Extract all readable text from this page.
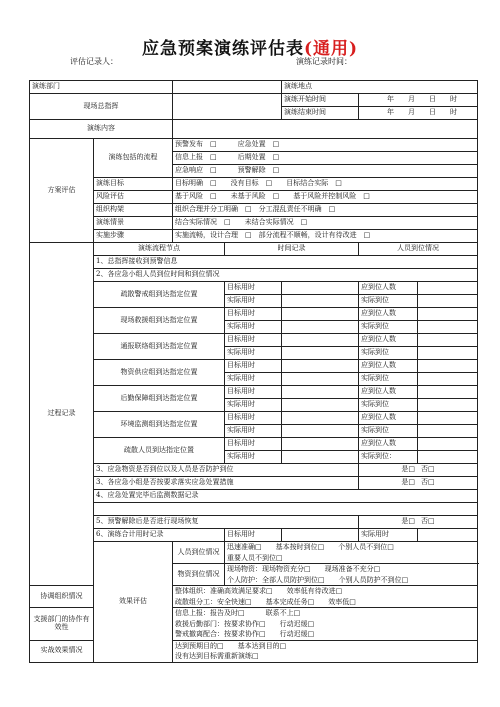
应急预案演练评估表(通用)
评估记录人：	演练记录时间：
演练部门				演练地点		
现场总指挥				演练开始时间	年 月 日 时	
				演练结束时间	年 月 日 时	
演练内容						
方案评估	演练包括的流程	预警发布　□　　　应急处置　□				
		信息上报　□　　　后期处置　□				
		应急响应　□　　　预警解除　□				
	演练目标	目标明确　□　　没有目标　□　　目标结合实际　□				
	风险评估	基于风险　□　　未基于风险　□　　基于风险并控制风险　□				
	组织构架	组织合理并分工明确　□　分工混乱责任不明确　□				
	演练情景	结合实际情况　□　　未结合实际情况　□				
	实施步骤	实施流畅，设计合理　□　部分流程不顺畅，设计有待改进　□				
过程记录	演练流程节点		时间记录		人员到位情况	
	1、总指挥接收到预警信息					
	2、各应急小组人员到位时间和到位情况					
	疏散警戒组到达指定位置		目标用时		应到位人数	
			实际用时		实际到位	
	现场救援组到达指定位置		目标用时		应到位人数	
			实际用时		实际到位	
	通报联络组到达指定位置		目标用时		应到位人数	
			实际用时		实际到位	
	物资供应组到达指定位置		目标用时		应到位人数	
			实际用时		实际到位	
	后勤保障组到达指定位置		目标用时		应到位人数	
			实际用时		实际到位	
	环境监测组到达指定位置		目标用时		应到位人数	
			实际用时		实际到位	
	疏散人员到达指定位置		目标用时		应到位人数	
			实际用时		实际到位：	
	3、应急物资是否到位以及人员是否防护到位				是□ 否□	
	3、各应急小组是否按要求落实应急处置措施				是□ 否□	
	4、应急处置完毕后监测数据记录					

	5、预警解除后是否进行现场恢复				是□ 否□	
	6、演练合计用时记录		目标用时		实际用时	
	效果评估	人员到位情况	迅速准确□　　基本按时到位□　　个别人员不到位□
重要人员不到位□			

		物资到位情况	现场物资：现场物资充分□　　现场准备不充分□
个人防护：全部人员防护到位□　　个别人员防护不到位□			

协调组织情况		整体组织：准确高效满足要求□　　效率低有待改进□
疏散组分工：安全快速□　　基本完成任务□　　效率低□				

支援部门的协作有效性		信息上报：报告及时□　　　联系不上□
救援后勤部门：按要求协作□　　行动迟缓□
警戒撤离配合：按要求协作□　　行动迟缓□				

实战效果情况		达到预期目的□　　基本达到目的□
没有达到目标需重新演练□				
